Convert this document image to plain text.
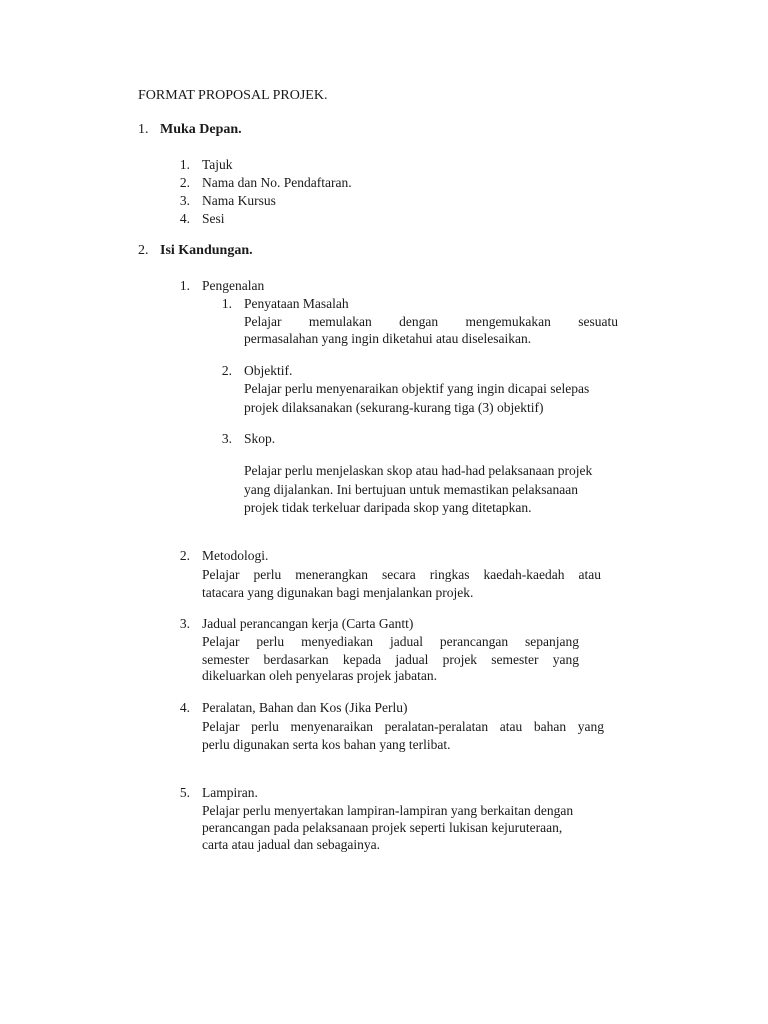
FORMAT PROPOSAL PROJEK.
1. Muka Depan.
1. Tajuk
2. Nama dan No. Pendaftaran.
3. Nama Kursus
4. Sesi
2. Isi Kandungan.
1. Pengenalan
1. Penyataan Masalah
Pelajar memulakan dengan mengemukakan sesuatu
permasalahan yang ingin diketahui atau diselesaikan.
2. Objektif.
Pelajar perlu menyenaraikan objektif yang ingin dicapai selepas
projek dilaksanakan (sekurang-kurang tiga (3) objektif)
3. Skop.
Pelajar perlu menjelaskan skop atau had-had pelaksanaan projek
yang dijalankan. Ini bertujuan untuk memastikan pelaksanaan
projek tidak terkeluar daripada skop yang ditetapkan.
2. Metodologi.
Pelajar perlu menerangkan secara ringkas kaedah-kaedah atau
tatacara yang digunakan bagi menjalankan projek.
3. Jadual perancangan kerja (Carta Gantt)
Pelajar perlu menyediakan jadual perancangan sepanjang
semester berdasarkan kepada jadual projek semester yang
dikeluarkan oleh penyelaras projek jabatan.
4. Peralatan, Bahan dan Kos (Jika Perlu)
Pelajar perlu menyenaraikan peralatan-peralatan atau bahan yang
perlu digunakan serta kos bahan yang terlibat.
5. Lampiran.
Pelajar perlu menyertakan lampiran-lampiran yang berkaitan dengan
perancangan pada pelaksanaan projek seperti lukisan kejuruteraan,
carta atau jadual dan sebagainya.
